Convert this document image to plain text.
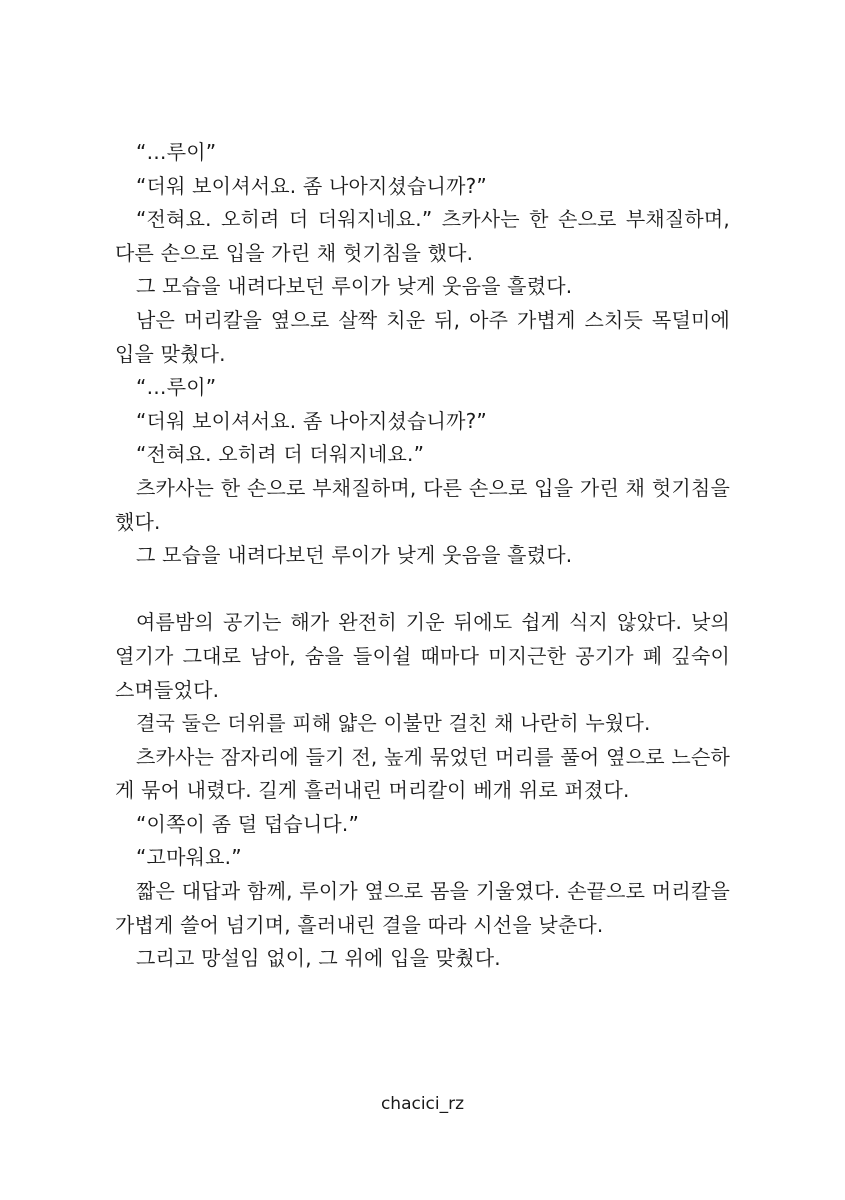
“…루이”

“더워 보이셔서요. 좀 나아지셨습니까?”

“전혀요. 오히려 더 더워지네요.” 츠카사는 한 손으로 부채질하며, 다른 손으로 입을 가린 채 헛기침을 했다.

그 모습을 내려다보던 루이가 낮게 웃음을 흘렸다.

남은 머리칼을 옆으로 살짝 치운 뒤, 아주 가볍게 스치듯 목덜미에 입을 맞췄다.

“…루이”

“더워 보이셔서요. 좀 나아지셨습니까?”

“전혀요. 오히려 더 더워지네요.”

츠카사는 한 손으로 부채질하며, 다른 손으로 입을 가린 채 헛기침을 했다.

그 모습을 내려다보던 루이가 낮게 웃음을 흘렸다.

여름밤의 공기는 해가 완전히 기운 뒤에도 쉽게 식지 않았다. 낮의 열기가 그대로 남아, 숨을 들이쉴 때마다 미지근한 공기가 폐 깊숙이 스며들었다.

결국 둘은 더위를 피해 얇은 이불만 걸친 채 나란히 누웠다.

츠카사는 잠자리에 들기 전, 높게 묶었던 머리를 풀어 옆으로 느슨하게 묶어 내렸다. 길게 흘러내린 머리칼이 베개 위로 퍼졌다.

“이쪽이 좀 덜 덥습니다.”

“고마워요.”

짧은 대답과 함께, 루이가 옆으로 몸을 기울였다. 손끝으로 머리칼을 가볍게 쓸어 넘기며, 흘러내린 결을 따라 시선을 낮춘다.

그리고 망설임 없이, 그 위에 입을 맞췄다.

chacici_rz
